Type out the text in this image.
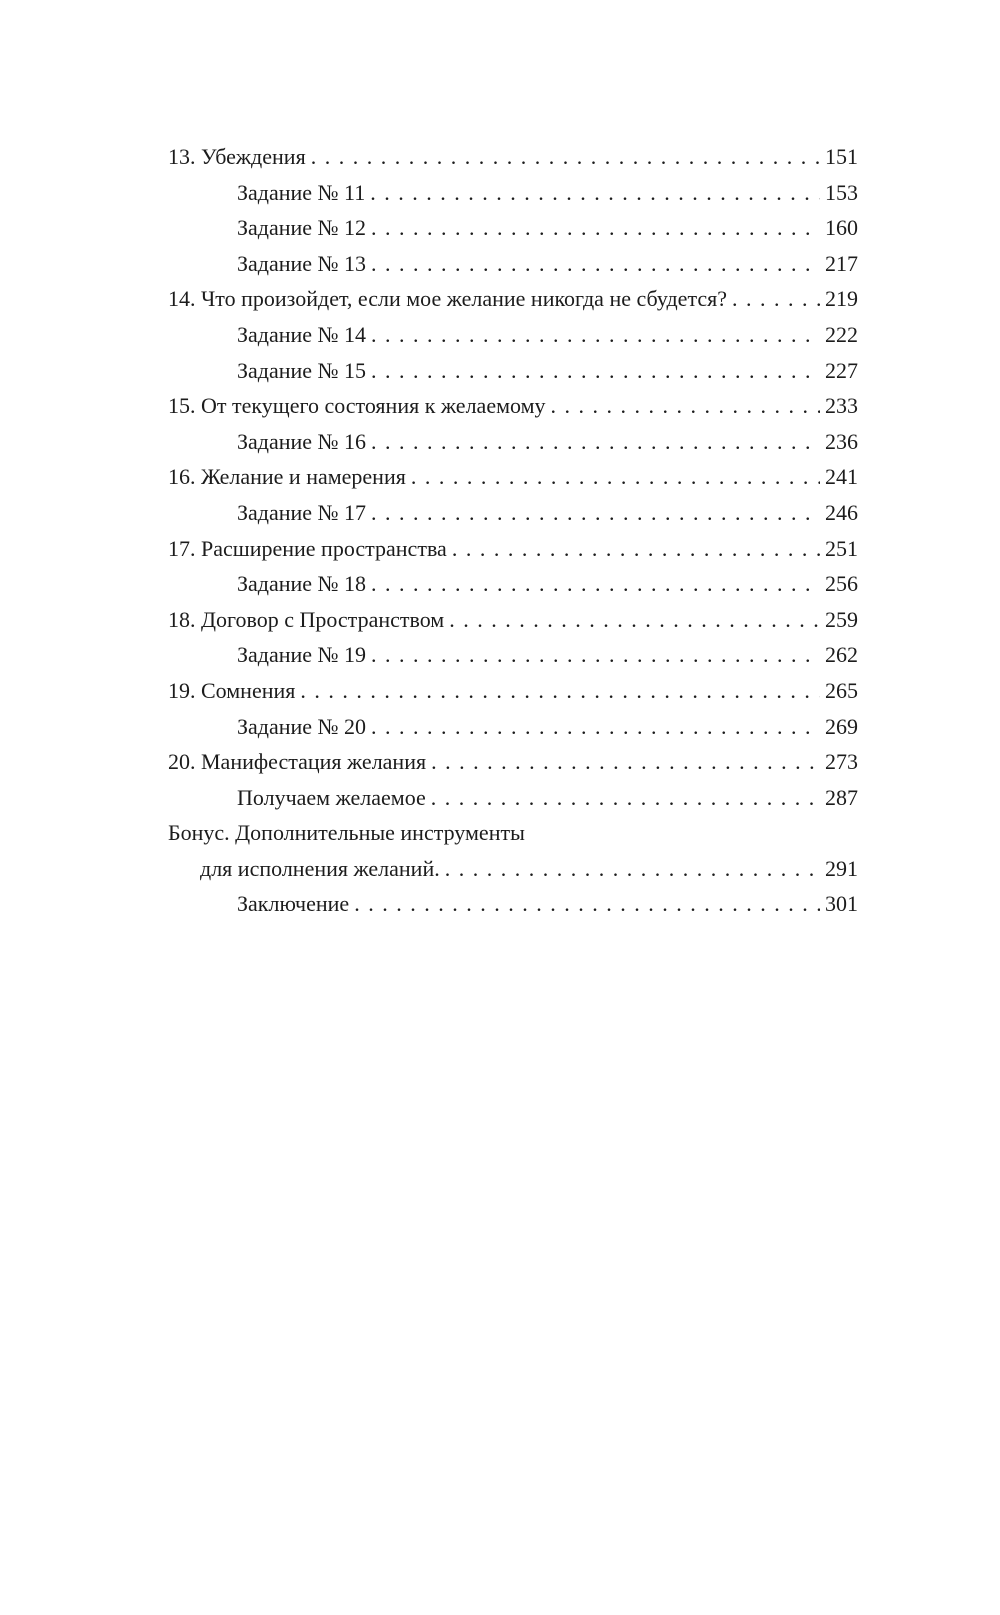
13. Убеждения . . .	151
Задание № 11 . . .	153
Задание № 12 . . .	160
Задание № 13 . . .	217
14. Что произойдет, если мое желание никогда не сбудется? . . .	219
Задание № 14 . . .	222
Задание № 15 . . .	227
15. От текущего состояния к желаемому . . .	233
Задание № 16 . . .	236
16. Желание и намерения . . .	241
Задание № 17 . . .	246
17. Расширение пространства . . .	251
Задание № 18 . . .	256
18. Договор с Пространством . . .	259
Задание № 19 . . .	262
19. Сомнения . . .	265
Задание № 20 . . .	269
20. Манифестация желания . . .	273
Получаем желаемое . . .	287
Бонус. Дополнительные инструменты
для исполнения желаний. . . .	291
Заключение . . .	301
